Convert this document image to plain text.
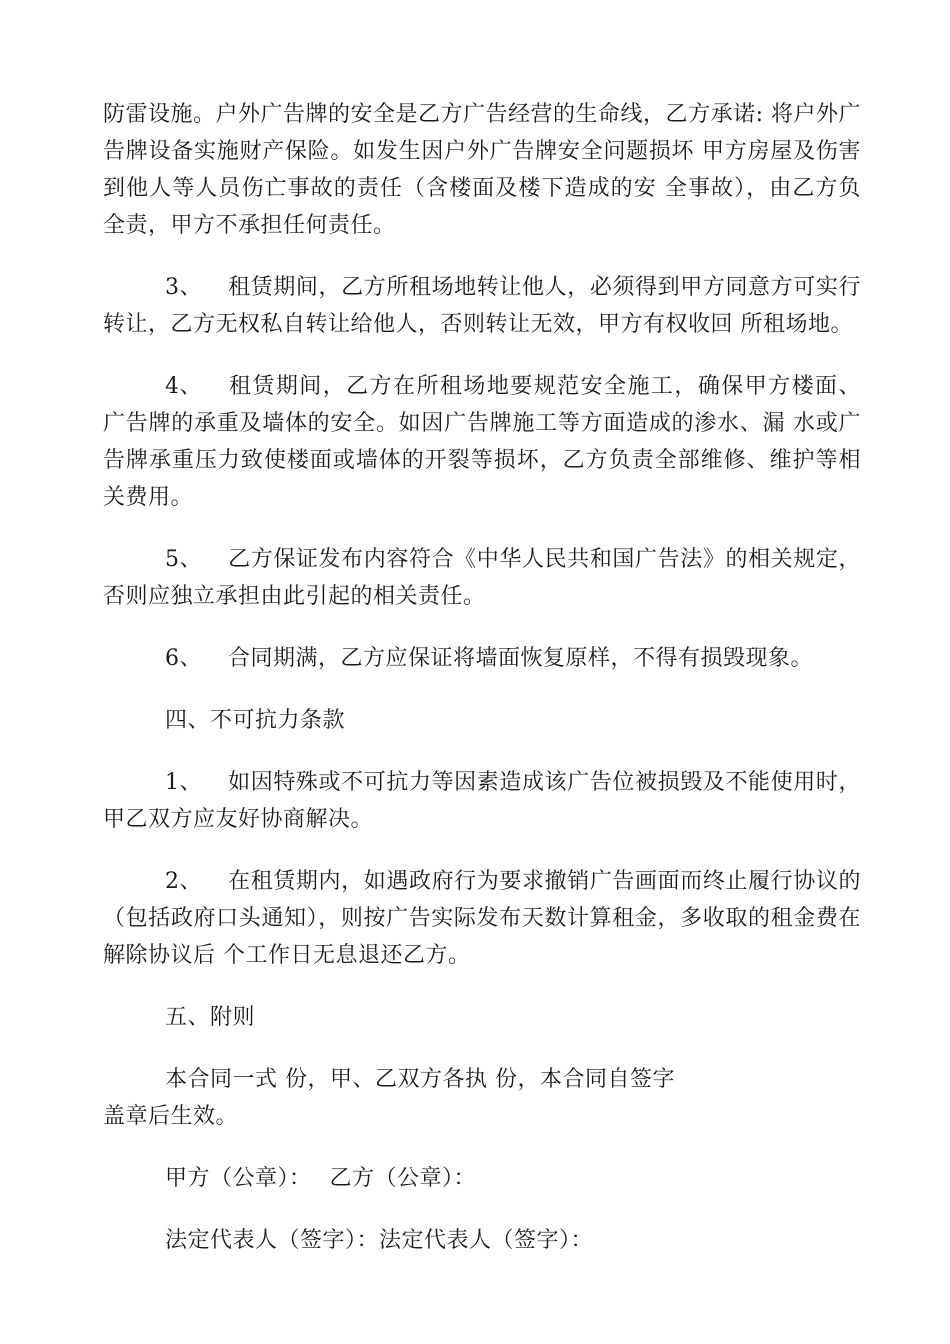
防雷设施。户外广告牌的安全是乙方广告经营的生命线，乙方承诺: 将户外广告牌设备实施财产保险。如发生因户外广告牌安全问题损坏 甲方房屋及伤害到他人等人员伤亡事故的责任（含楼面及楼下造成的安 全事故），由乙方负全责，甲方不承担任何责任。

3、 租赁期间，乙方所租场地转让他人，必须得到甲方同意方可实行转让，乙方无权私自转让给他人，否则转让无效，甲方有权收回 所租场地。

4、 租赁期间，乙方在所租场地要规范安全施工，确保甲方楼面、 广告牌的承重及墙体的安全。如因广告牌施工等方面造成的渗水、漏 水或广告牌承重压力致使楼面或墙体的开裂等损坏，乙方负责全部维修、维护等相关费用。

5、 乙方保证发布内容符合《中华人民共和国广告法》的相关规定，否则应独立承担由此引起的相关责任。

6、 合同期满，乙方应保证将墙面恢复原样，不得有损毁现象。

四、不可抗力条款

1、 如因特殊或不可抗力等因素造成该广告位被损毁及不能使用时，甲乙双方应友好协商解决。

2、 在租赁期内，如遇政府行为要求撤销广告画面而终止履行协议的（包括政府口头通知），则按广告实际发布天数计算租金，多收取的租金费在解除协议后 个工作日无息退还乙方。

五、附则

本合同一式 份，甲、乙双方各执 份，本合同自签字
盖章后生效。

甲方（公章）： 乙方（公章）：

法定代表人（签字）：法定代表人（签字）：
